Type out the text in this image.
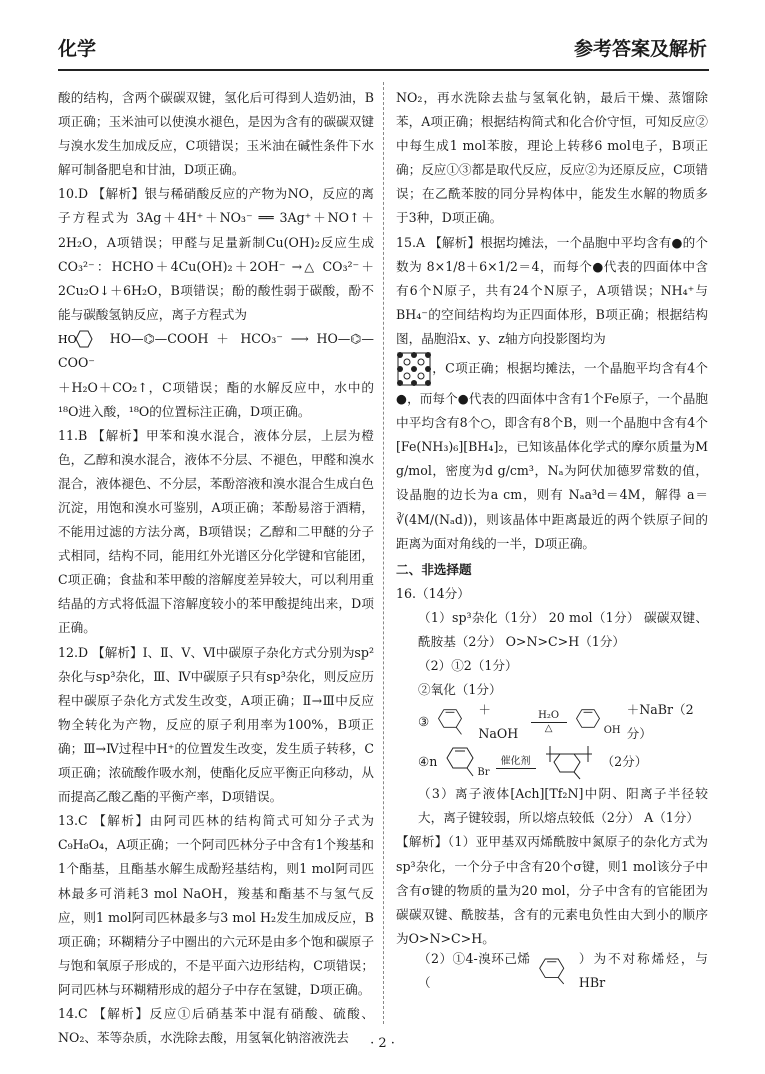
化学	参考答案及解析

酸的结构，含两个碳碳双键，氢化后可得到人造奶油，B项正确；玉米油可以使溴水褪色，是因为含有的碳碳双键与溴水发生加成反应，C项错误；玉米油在碱性条件下水解可制备肥皂和甘油，D项正确。

10.D 【解析】银与稀硝酸反应的产物为NO，反应的离子方程式为 3Ag＋4H⁺＋NO₃⁻ ══ 3Ag⁺＋NO↑＋2H₂O，A项错误；甲醛与足量新制Cu(OH)₂反应生成CO₃²⁻：HCHO＋4Cu(OH)₂＋2OH⁻ →△ CO₃²⁻＋2Cu₂O↓＋6H₂O，B项错误；酚的酸性弱于碳酸，酚不能与碳酸氢钠反应，离子方程式为

HO	HO—⌬—COOH ＋ HCO₃⁻ ⟶ HO—⌬—COO⁻

＋H₂O＋CO₂↑，C项错误；酯的水解反应中，水中的¹⁸O进入酸，¹⁸O的位置标注正确，D项正确。

11.B 【解析】甲苯和溴水混合，液体分层，上层为橙色，乙醇和溴水混合，液体不分层、不褪色，甲醛和溴水混合，液体褪色、不分层，苯酚溶液和溴水混合生成白色沉淀，用饱和溴水可鉴别，A项正确；苯酚易溶于酒精，不能用过滤的方法分离，B项错误；乙醇和二甲醚的分子式相同，结构不同，能用红外光谱区分化学键和官能团，C项正确；食盐和苯甲酸的溶解度差异较大，可以利用重结晶的方式将低温下溶解度较小的苯甲酸提纯出来，D项正确。

12.D 【解析】Ⅰ、Ⅱ、Ⅴ、Ⅵ中碳原子杂化方式分别为sp²杂化与sp³杂化，Ⅲ、Ⅳ中碳原子只有sp³杂化，则反应历程中碳原子杂化方式发生改变，A项正确；Ⅱ→Ⅲ中反应物全转化为产物，反应的原子利用率为100%，B项正确；Ⅲ→Ⅳ过程中H⁺的位置发生改变，发生质子转移，C项正确；浓硫酸作吸水剂，使酯化反应平衡正向移动，从而提高乙酸乙酯的平衡产率，D项错误。

13.C 【解析】由阿司匹林的结构简式可知分子式为C₉H₈O₄，A项正确；一个阿司匹林分子中含有1个羧基和1个酯基，且酯基水解生成酚羟基结构，则1 mol阿司匹林最多可消耗3 mol NaOH，羧基和酯基不与氢气反应，则1 mol阿司匹林最多与3 mol H₂发生加成反应，B项正确；环糊精分子中圈出的六元环是由多个饱和碳原子与饱和氧原子形成的，不是平面六边形结构，C项错误；阿司匹林与环糊精形成的超分子中存在氢键，D项正确。

14.C 【解析】反应①后硝基苯中混有硝酸、硫酸、NO₂、苯等杂质，水洗除去酸，用氢氧化钠溶液洗去

NO₂，再水洗除去盐与氢氧化钠，最后干燥、蒸馏除苯，A项正确；根据结构简式和化合价守恒，可知反应②中每生成1 mol苯胺，理论上转移6 mol电子，B项正确；反应①③都是取代反应，反应②为还原反应，C项错误；在乙酰苯胺的同分异构体中，能发生水解的物质多于3种，D项正确。

15.A 【解析】根据均摊法，一个晶胞中平均含有●的个数为 8×1/8＋6×1/2＝4，而每个●代表的四面体中含有6个N原子，共有24个N原子，A项错误；NH₄⁺与BH₄⁻的空间结构均为正四面体形，B项正确；根据结构图，晶胞沿x、y、z轴方向投影图均为

，C项正确；根据均摊法，一个晶胞平均含有4个●，而每个●代表的四面体中含有1个Fe原子，一个晶胞中平均含有8个○，即含有8个B，则一个晶胞中含有4个[Fe(NH₃)₆][BH₄]₂，已知该晶体化学式的摩尔质量为M g/mol，密度为d g/cm³，Nₐ为阿伏加德罗常数的值，设晶胞的边长为a cm，则有 Nₐa³d＝4M，解得 a＝∛(4M/(Nₐd))，则该晶体中距离最近的两个铁原子间的距离为面对角线的一半，D项正确。

二、非选择题
16.（14分）

（1）sp³杂化（1分） 20 mol（1分） 碳碳双键、酰胺基（2分） O>N>C>H（1分）

（2）①2（1分）
②氧化（1分）
③
＋NaOH
H₂O
△	OH
＋NaBr（2分）
④n
Br
催化剂	（2分）

（3）离子液体[Ach][Tf₂N]中阴、阳离子半径较大，离子键较弱，所以熔点较低（2分） A（1分）

【解析】（1）亚甲基双丙烯酰胺中氮原子的杂化方式为sp³杂化，一个分子中含有20个σ键，则1 mol该分子中含有σ键的物质的量为20 mol，分子中含有的官能团为碳碳双键、酰胺基，含有的元素电负性由大到小的顺序为O>N>C>H。

（2）①4-溴环己烯（
）为不对称烯烃，与HBr

· 2 ·
